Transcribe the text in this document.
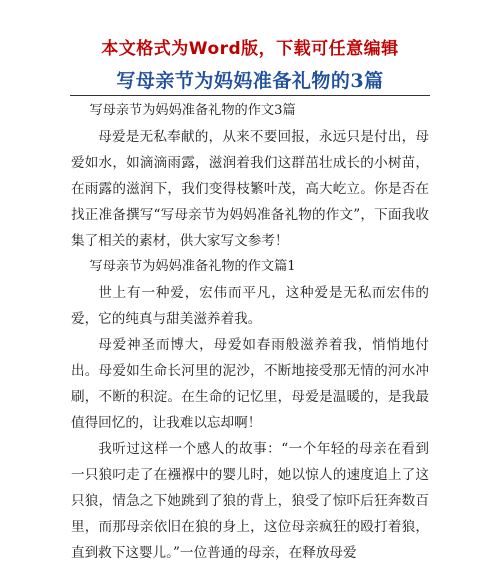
本文格式为Word版，下载可任意编辑
写母亲节为妈妈准备礼物的3篇

写母亲节为妈妈准备礼物的作文3篇

母爱是无私奉献的，从来不要回报，永远只是付出，母爱如水，如滴滴雨露，滋润着我们这群茁壮成长的小树苗，在雨露的滋润下，我们变得枝繁叶茂，高大屹立。你是否在找正准备撰写“写母亲节为妈妈准备礼物的作文”，下面我收集了相关的素材，供大家写文参考！

写母亲节为妈妈准备礼物的作文篇1

世上有一种爱，宏伟而平凡，这种爱是无私而宏伟的爱，它的纯真与甜美滋养着我。

母爱神圣而博大，母爱如春雨般滋养着我，悄悄地付出。母爱如生命长河里的泥沙，不断地接受那无情的河水冲刷，不断的积淀。在生命的记忆里，母爱是温暖的，是我最值得回忆的，让我难以忘却啊！

我听过这样一个感人的故事：“一个年轻的母亲在看到一只狼叼走了在襁褓中的婴儿时，她以惊人的速度追上了这只狼，情急之下她跳到了狼的背上，狼受了惊吓后狂奔数百里，而那母亲依旧在狼的身上，这位母亲疯狂的殴打着狼，直到救下这婴儿。”一位普通的母亲，在释放母爱
